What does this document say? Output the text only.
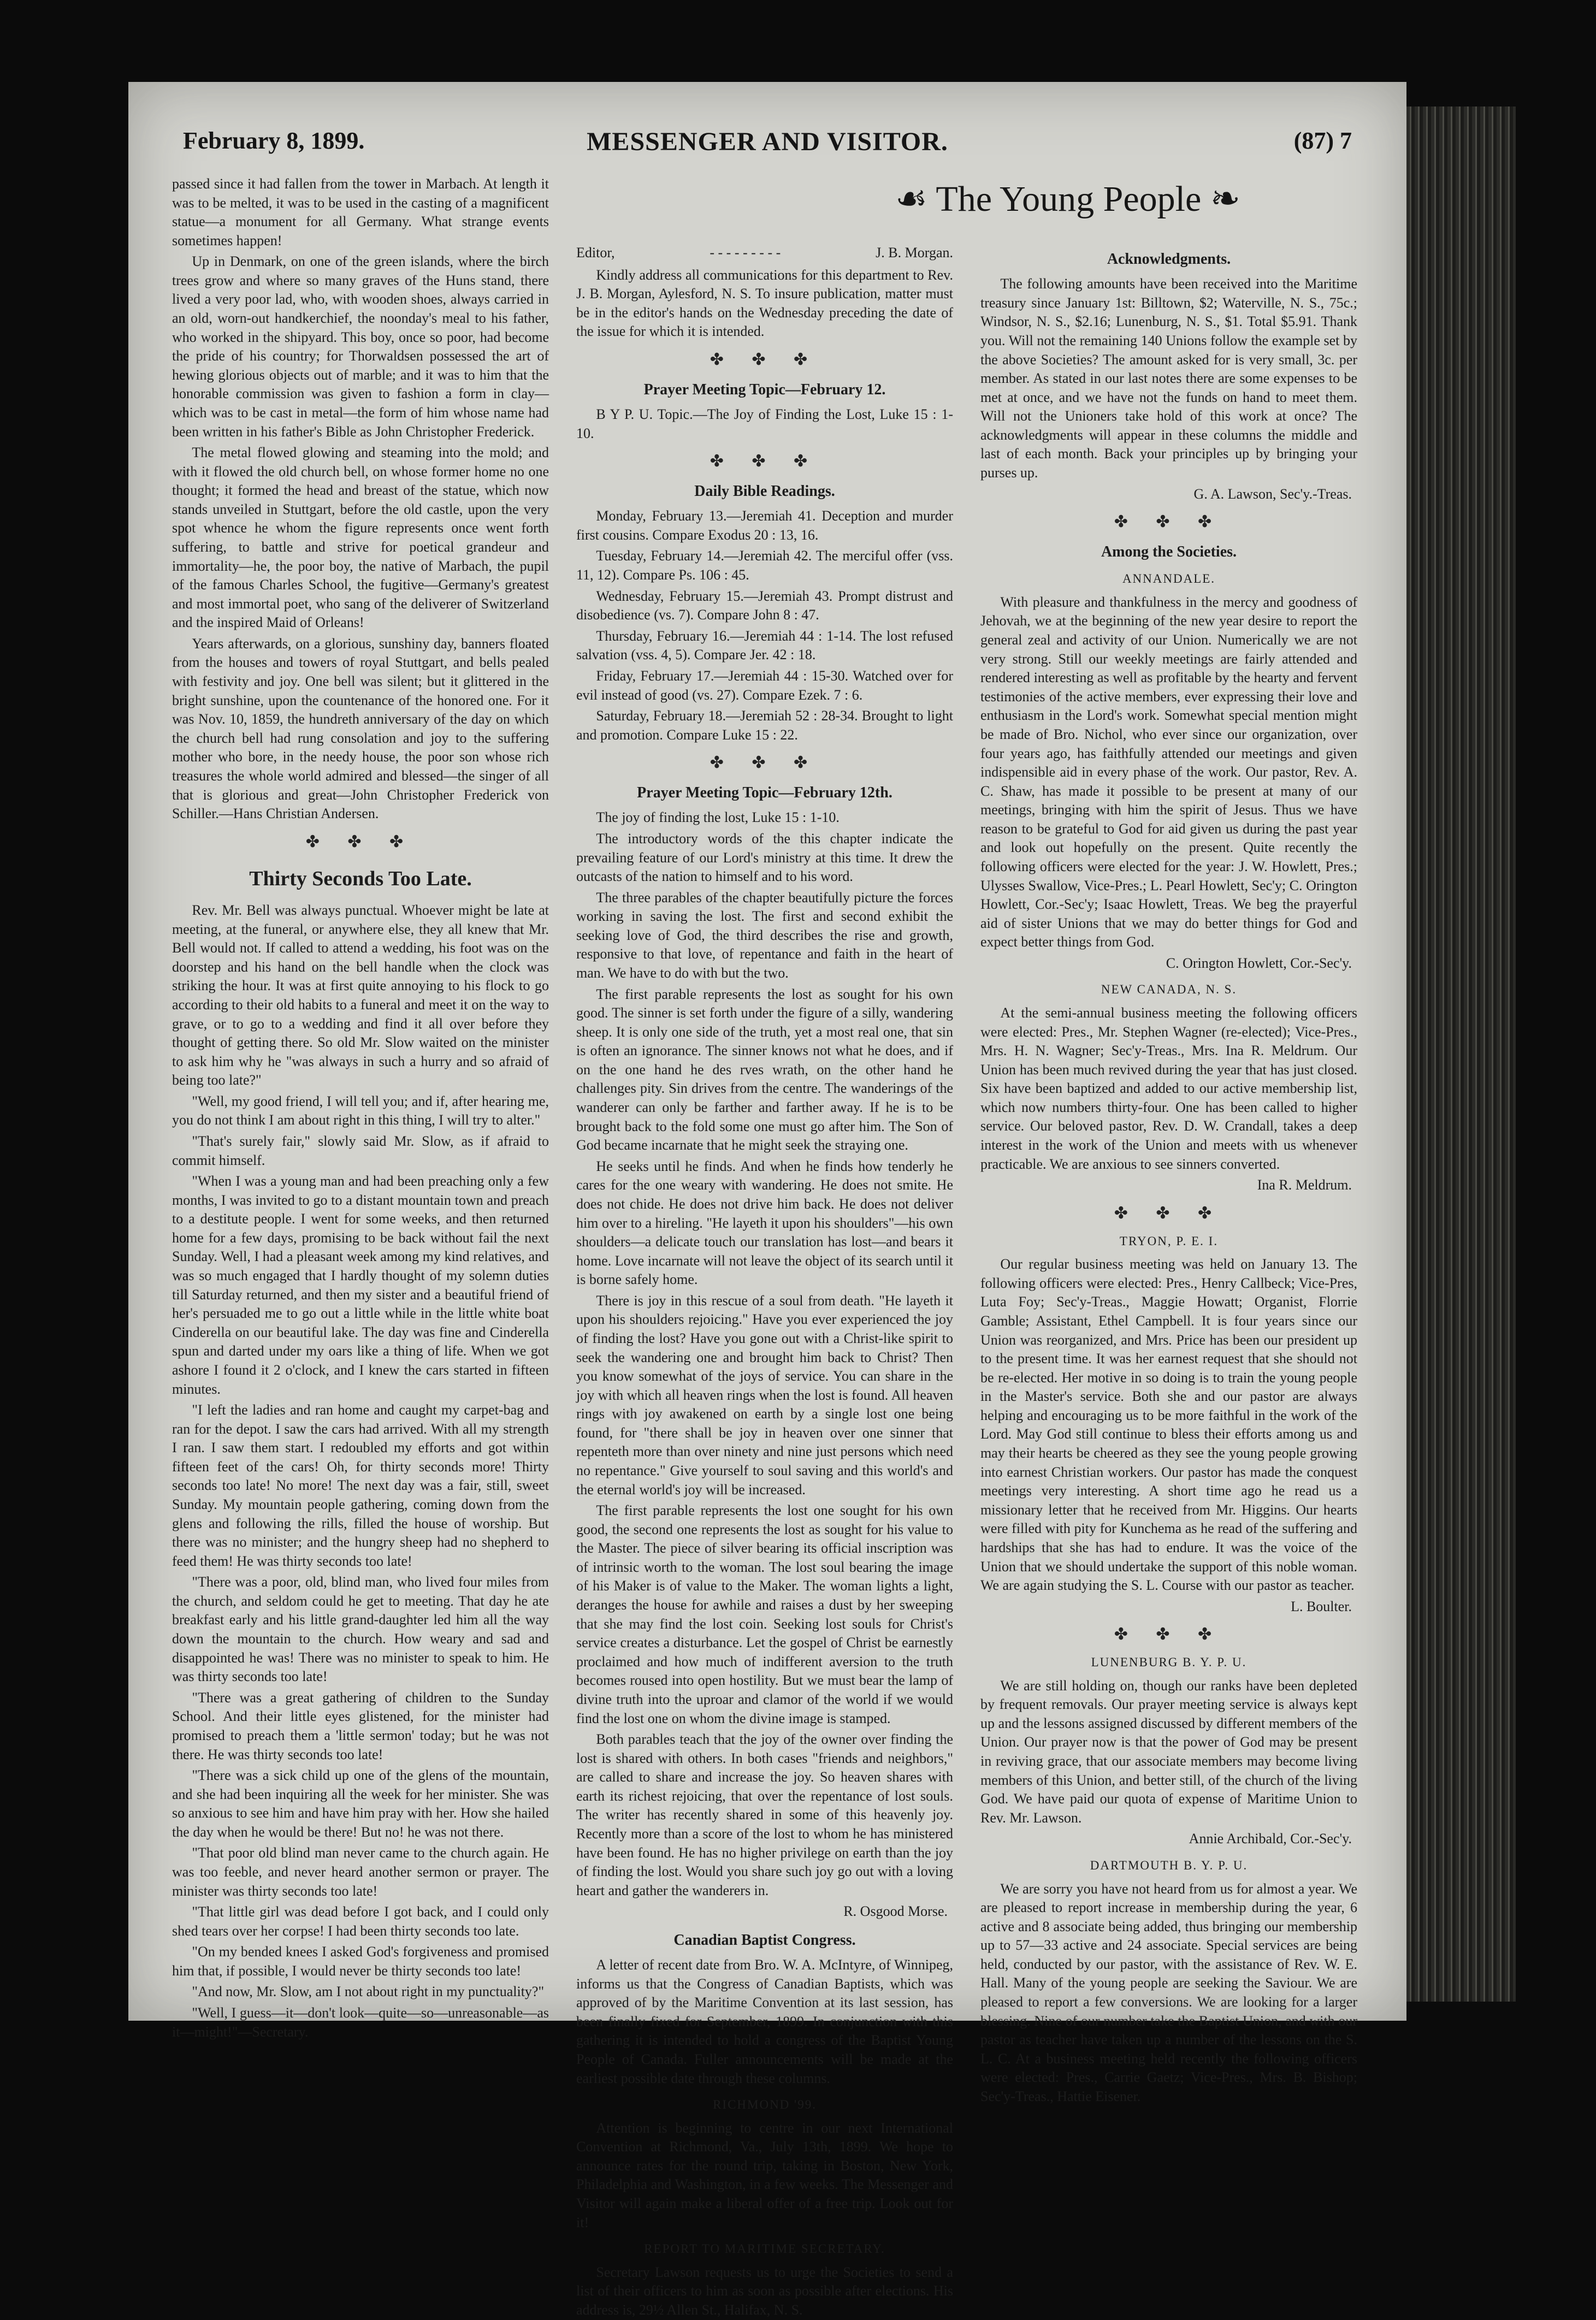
February 8, 1899.	MESSENGER AND VISITOR.	(87) 7

passed since it had fallen from the tower in Marbach. At length it was to be melted, it was to be used in the casting of a magnificent statue—a monument for all Germany. What strange events sometimes happen!

Up in Denmark, on one of the green islands, where the birch trees grow and where so many graves of the Huns stand, there lived a very poor lad, who, with wooden shoes, always carried in an old, worn-out handkerchief, the noonday's meal to his father, who worked in the shipyard. This boy, once so poor, had become the pride of his country; for Thorwaldsen possessed the art of hewing glorious objects out of marble; and it was to him that the honorable commission was given to fashion a form in clay—which was to be cast in metal—the form of him whose name had been written in his father's Bible as John Christopher Frederick.

The metal flowed glowing and steaming into the mold; and with it flowed the old church bell, on whose former home no one thought; it formed the head and breast of the statue, which now stands unveiled in Stuttgart, before the old castle, upon the very spot whence he whom the figure represents once went forth suffering, to battle and strive for poetical grandeur and immortality—he, the poor boy, the native of Marbach, the pupil of the famous Charles School, the fugitive—Germany's greatest and most immortal poet, who sang of the deliverer of Switzerland and the inspired Maid of Orleans!

Years afterwards, on a glorious, sunshiny day, banners floated from the houses and towers of royal Stuttgart, and bells pealed with festivity and joy. One bell was silent; but it glittered in the bright sunshine, upon the countenance of the honored one. For it was Nov. 10, 1859, the hundreth anniversary of the day on which the church bell had rung consolation and joy to the suffering mother who bore, in the needy house, the poor son whose rich treasures the whole world admired and blessed—the singer of all that is glorious and great—John Christopher Frederick von Schiller.—Hans Christian Andersen.

✤ ✤ ✤
Thirty Seconds Too Late.

Rev. Mr. Bell was always punctual. Whoever might be late at meeting, at the funeral, or anywhere else, they all knew that Mr. Bell would not. If called to attend a wedding, his foot was on the doorstep and his hand on the bell handle when the clock was striking the hour. It was at first quite annoying to his flock to go according to their old habits to a funeral and meet it on the way to grave, or to go to a wedding and find it all over before they thought of getting there. So old Mr. Slow waited on the minister to ask him why he "was always in such a hurry and so afraid of being too late?"

"Well, my good friend, I will tell you; and if, after hearing me, you do not think I am about right in this thing, I will try to alter."

"That's surely fair," slowly said Mr. Slow, as if afraid to commit himself.

"When I was a young man and had been preaching only a few months, I was invited to go to a distant mountain town and preach to a destitute people. I went for some weeks, and then returned home for a few days, promising to be back without fail the next Sunday. Well, I had a pleasant week among my kind relatives, and was so much engaged that I hardly thought of my solemn duties till Saturday returned, and then my sister and a beautiful friend of her's persuaded me to go out a little while in the little white boat Cinderella on our beautiful lake. The day was fine and Cinderella spun and darted under my oars like a thing of life. When we got ashore I found it 2 o'clock, and I knew the cars started in fifteen minutes.

"I left the ladies and ran home and caught my carpet-bag and ran for the depot. I saw the cars had arrived. With all my strength I ran. I saw them start. I redoubled my efforts and got within fifteen feet of the cars! Oh, for thirty seconds more! Thirty seconds too late! No more! The next day was a fair, still, sweet Sunday. My mountain people gathering, coming down from the glens and following the rills, filled the house of worship. But there was no minister; and the hungry sheep had no shepherd to feed them! He was thirty seconds too late!

"There was a poor, old, blind man, who lived four miles from the church, and seldom could he get to meeting. That day he ate breakfast early and his little grand-daughter led him all the way down the mountain to the church. How weary and sad and disappointed he was! There was no minister to speak to him. He was thirty seconds too late!

"There was a great gathering of children to the Sunday School. And their little eyes glistened, for the minister had promised to preach them a 'little sermon' today; but he was not there. He was thirty seconds too late!

"There was a sick child up one of the glens of the mountain, and she had been inquiring all the week for her minister. She was so anxious to see him and have him pray with her. How she hailed the day when he would be there! But no! he was not there.

"That poor old blind man never came to the church again. He was too feeble, and never heard another sermon or prayer. The minister was thirty seconds too late!

"That little girl was dead before I got back, and I could only shed tears over her corpse! I had been thirty seconds too late.

"On my bended knees I asked God's forgiveness and promised him that, if possible, I would never be thirty seconds too late!

"And now, Mr. Slow, am I not about right in my punctuality?"

"Well, I guess—it—don't look—quite—so—unreasonable—as it—might!"—Secretary.

☙ The Young People ❧
Editor,	- - - - - - - - -	J. B. Morgan.

Kindly address all communications for this department to Rev. J. B. Morgan, Aylesford, N. S. To insure publication, matter must be in the editor's hands on the Wednesday preceding the date of the issue for which it is intended.

✤ ✤ ✤
Prayer Meeting Topic—February 12.

B Y P. U. Topic.—The Joy of Finding the Lost, Luke 15 : 1-10.

✤ ✤ ✤
Daily Bible Readings.

Monday, February 13.—Jeremiah 41. Deception and murder first cousins. Compare Exodus 20 : 13, 16.

Tuesday, February 14.—Jeremiah 42. The merciful offer (vss. 11, 12). Compare Ps. 106 : 45.

Wednesday, February 15.—Jeremiah 43. Prompt distrust and disobedience (vs. 7). Compare John 8 : 47.

Thursday, February 16.—Jeremiah 44 : 1-14. The lost refused salvation (vss. 4, 5). Compare Jer. 42 : 18.

Friday, February 17.—Jeremiah 44 : 15-30. Watched over for evil instead of good (vs. 27). Compare Ezek. 7 : 6.

Saturday, February 18.—Jeremiah 52 : 28-34. Brought to light and promotion. Compare Luke 15 : 22.

✤ ✤ ✤
Prayer Meeting Topic—February 12th.

The joy of finding the lost, Luke 15 : 1-10.

The introductory words of the this chapter indicate the prevailing feature of our Lord's ministry at this time. It drew the outcasts of the nation to himself and to his word.

The three parables of the chapter beautifully picture the forces working in saving the lost. The first and second exhibit the seeking love of God, the third describes the rise and growth, responsive to that love, of repentance and faith in the heart of man. We have to do with but the two.

The first parable represents the lost as sought for his own good. The sinner is set forth under the figure of a silly, wandering sheep. It is only one side of the truth, yet a most real one, that sin is often an ignorance. The sinner knows not what he does, and if on the one hand he des rves wrath, on the other hand he challenges pity. Sin drives from the centre. The wanderings of the wanderer can only be farther and farther away. If he is to be brought back to the fold some one must go after him. The Son of God became incarnate that he might seek the straying one.

He seeks until he finds. And when he finds how tenderly he cares for the one weary with wandering. He does not smite. He does not chide. He does not drive him back. He does not deliver him over to a hireling. "He layeth it upon his shoulders"—his own shoulders—a delicate touch our translation has lost—and bears it home. Love incarnate will not leave the object of its search until it is borne safely home.

There is joy in this rescue of a soul from death. "He layeth it upon his shoulders rejoicing." Have you ever experienced the joy of finding the lost? Have you gone out with a Christ-like spirit to seek the wandering one and brought him back to Christ? Then you know somewhat of the joys of service. You can share in the joy with which all heaven rings when the lost is found. All heaven rings with joy awakened on earth by a single lost one being found, for "there shall be joy in heaven over one sinner that repenteth more than over ninety and nine just persons which need no repentance." Give yourself to soul saving and this world's and the eternal world's joy will be increased.

The first parable represents the lost one sought for his own good, the second one represents the lost as sought for his value to the Master. The piece of silver bearing its official inscription was of intrinsic worth to the woman. The lost soul bearing the image of his Maker is of value to the Maker. The woman lights a light, deranges the house for awhile and raises a dust by her sweeping that she may find the lost coin. Seeking lost souls for Christ's service creates a disturbance. Let the gospel of Christ be earnestly proclaimed and how much of indifferent aversion to the truth becomes roused into open hostility. But we must bear the lamp of divine truth into the uproar and clamor of the world if we would find the lost one on whom the divine image is stamped.

Both parables teach that the joy of the owner over finding the lost is shared with others. In both cases "friends and neighbors," are called to share and increase the joy. So heaven shares with earth its richest rejoicing, that over the repentance of lost souls. The writer has recently shared in some of this heavenly joy. Recently more than a score of the lost to whom he has ministered have been found. He has no higher privilege on earth than the joy of finding the lost. Would you share such joy go out with a loving heart and gather the wanderers in.

R. Osgood Morse.
Canadian Baptist Congress.

A letter of recent date from Bro. W. A. McIntyre, of Winnipeg, informs us that the Congress of Canadian Baptists, which was approved of by the Maritime Convention at its last session, has been finally fixed for September, 1899. In conjunction with this gathering it is intended to hold a congress of the Baptist Young People of Canada. Fuller announcements will be made at the earliest possible date through these columns.

RICHMOND '99.

Attention is beginning to centre in our next International Convention at Richmond, Va., July 13th, 1899. We hope to announce rates for the round trip, taking in Boston, New York, Philadelphia and Washington, in a few weeks. The Messenger and Visitor will again make a liberal offer of a free trip. Look out for it!

REPORT TO MARITIME SECRETARY.

Secretary Lawson requests us to urge the Societies to send a list of their officers to him as soon as possible after elections. His address is, 29½ Allen St., Halifax, N. S.

Acknowledgments.

The following amounts have been received into the Maritime treasury since January 1st: Billtown, $2; Waterville, N. S., 75c.; Windsor, N. S., $2.16; Lunenburg, N. S., $1. Total $5.91. Thank you. Will not the remaining 140 Unions follow the example set by the above Societies? The amount asked for is very small, 3c. per member. As stated in our last notes there are some expenses to be met at once, and we have not the funds on hand to meet them. Will not the Unioners take hold of this work at once? The acknowledgments will appear in these columns the middle and last of each month. Back your principles up by bringing your purses up.

G. A. Lawson, Sec'y.-Treas.
✤ ✤ ✤
Among the Societies.
ANNANDALE.

With pleasure and thankfulness in the mercy and goodness of Jehovah, we at the beginning of the new year desire to report the general zeal and activity of our Union. Numerically we are not very strong. Still our weekly meetings are fairly attended and rendered interesting as well as profitable by the hearty and fervent testimonies of the active members, ever expressing their love and enthusiasm in the Lord's work. Somewhat special mention might be made of Bro. Nichol, who ever since our organization, over four years ago, has faithfully attended our meetings and given indispensible aid in every phase of the work. Our pastor, Rev. A. C. Shaw, has made it possible to be present at many of our meetings, bringing with him the spirit of Jesus. Thus we have reason to be grateful to God for aid given us during the past year and look out hopefully on the present. Quite recently the following officers were elected for the year: J. W. Howlett, Pres.; Ulysses Swallow, Vice-Pres.; L. Pearl Howlett, Sec'y; C. Orington Howlett, Cor.-Sec'y; Isaac Howlett, Treas. We beg the prayerful aid of sister Unions that we may do better things for God and expect better things from God.

C. Orington Howlett, Cor.-Sec'y.
NEW CANADA, N. S.

At the semi-annual business meeting the following officers were elected: Pres., Mr. Stephen Wagner (re-elected); Vice-Pres., Mrs. H. N. Wagner; Sec'y-Treas., Mrs. Ina R. Meldrum. Our Union has been much revived during the year that has just closed. Six have been baptized and added to our active membership list, which now numbers thirty-four. One has been called to higher service. Our beloved pastor, Rev. D. W. Crandall, takes a deep interest in the work of the Union and meets with us whenever practicable. We are anxious to see sinners converted.

Ina R. Meldrum.
✤ ✤ ✤
TRYON, P. E. I.

Our regular business meeting was held on January 13. The following officers were elected: Pres., Henry Callbeck; Vice-Pres, Luta Foy; Sec'y-Treas., Maggie Howatt; Organist, Florrie Gamble; Assistant, Ethel Campbell. It is four years since our Union was reorganized, and Mrs. Price has been our president up to the present time. It was her earnest request that she should not be re-elected. Her motive in so doing is to train the young people in the Master's service. Both she and our pastor are always helping and encouraging us to be more faithful in the work of the Lord. May God still continue to bless their efforts among us and may their hearts be cheered as they see the young people growing into earnest Christian workers. Our pastor has made the conquest meetings very interesting. A short time ago he read us a missionary letter that he received from Mr. Higgins. Our hearts were filled with pity for Kunchema as he read of the suffering and hardships that she has had to endure. It was the voice of the Union that we should undertake the support of this noble woman. We are again studying the S. L. Course with our pastor as teacher.

L. Boulter.
✤ ✤ ✤
LUNENBURG B. Y. P. U.

We are still holding on, though our ranks have been depleted by frequent removals. Our prayer meeting service is always kept up and the lessons assigned discussed by different members of the Union. Our prayer now is that the power of God may be present in reviving grace, that our associate members may become living members of this Union, and better still, of the church of the living God. We have paid our quota of expense of Maritime Union to Rev. Mr. Lawson.

Annie Archibald, Cor.-Sec'y.
DARTMOUTH B. Y. P. U.

We are sorry you have not heard from us for almost a year. We are pleased to report increase in membership during the year, 6 active and 8 associate being added, thus bringing our membership up to 57—33 active and 24 associate. Special services are being held, conducted by our pastor, with the assistance of Rev. W. E. Hall. Many of the young people are seeking the Saviour. We are pleased to report a few conversions. We are looking for a larger blessing. Nine of our number take the Baptist Union, and with our pastor as teacher have taken up a number of the lessons on the S. L. C. At a business meeting held recently the following officers were elected: Pres., Carrie Gaetz; Vice-Pres., Mrs. B. Bishop; Sec'y-Treas., Hattie Eisener.
